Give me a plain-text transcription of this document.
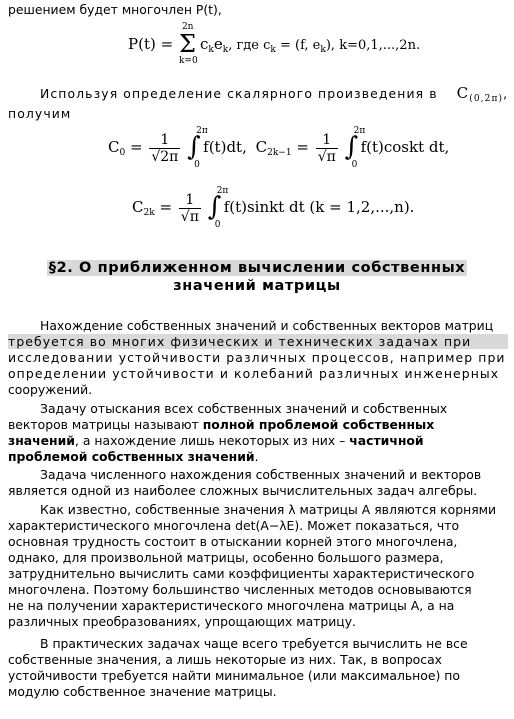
решением будет многочлен P(t),
P(t) =
2n
Σ
k=0
$c_ke_k$, где $c_k = (f$, $e_k$), k=0,1,...,2n.
Используя определение скалярного произведения в $C_{(0,2\pi)}$,
получим
$C_0 = \frac{1}{√2\pi}$

2π
∫
0
f(t)dt, $C_{2k-1} = \frac{1}{√\pi}$

2π
∫
0
f(t)coskt dt,
$C_{2k} = \frac{1}{√\pi}$

2π
∫
0
f(t)sinkt dt (k = 1,2,...,n).
§2. О приближенном вычислении собственных
значений матрицы
Нахождение собственных значений и собственных векторов матриц
требуется во многих физических и технических задачах при
исследовании устойчивости различных процессов, например при
определении устойчивости и колебаний различных инженерных
сооружений.
Задачу отыскания всех собственных значений и собственных
векторов матрицы называют полной проблемой собственных
значений, а нахождение лишь некоторых из них – частичной
проблемой собственных значений.
Задача численного нахождения собственных значений и векторов
является одной из наиболее сложных вычислительных задач алгебры.
Как известно, собственные значения λ матрицы A являются корнями
характеристического многочлена det(A−λE). Может показаться, что
основная трудность состоит в отыскании корней этого многочлена,
однако, для произвольной матрицы, особенно большого размера,
затруднительно вычислить сами коэффициенты характеристического
многочлена. Поэтому большинство численных методов основываются
не на получении характеристического многочлена матрицы A, а на
различных преобразованиях, упрощающих матрицу.
В практических задачах чаще всего требуется вычислить не все
собственные значения, а лишь некоторые из них. Так, в вопросах
устойчивости требуется найти минимальное (или максимальное) по
модулю собственное значение матрицы.
